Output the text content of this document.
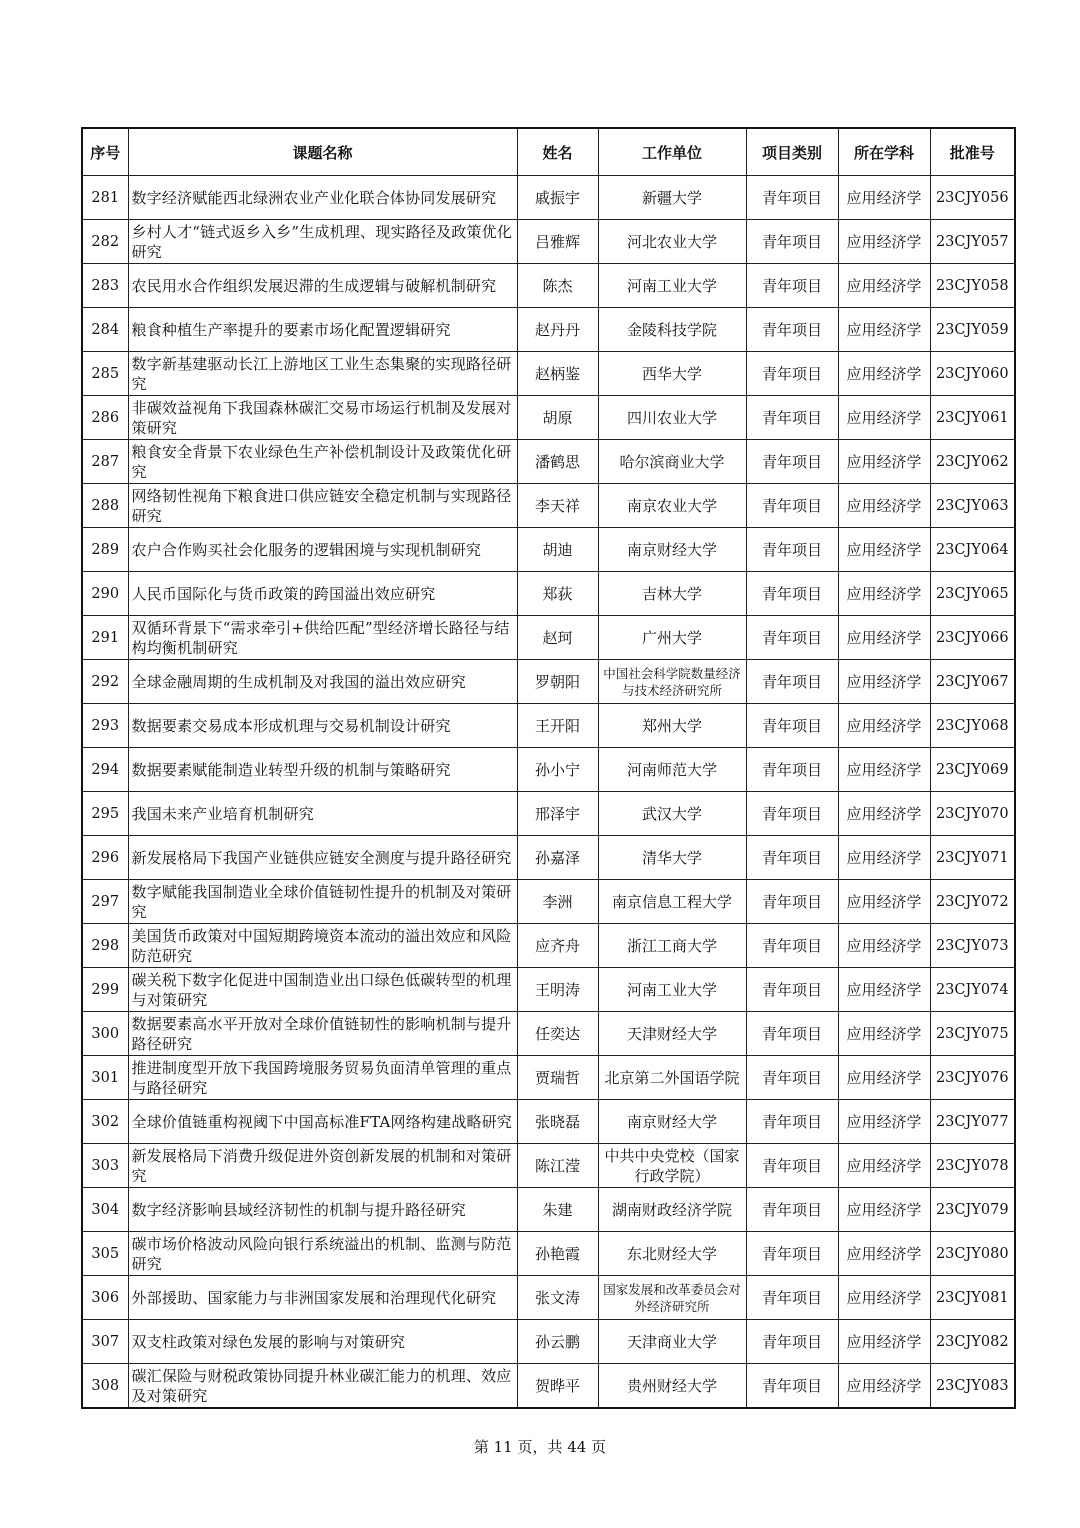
序号	课题名称	姓名	工作单位	项目类别	所在学科	批准号
281	数字经济赋能西北绿洲农业产业化联合体协同发展研究	戚振宇	新疆大学	青年项目	应用经济学	23CJY056
282	乡村人才“链式返乡入乡”生成机理、现实路径及政策优化研究	吕雅辉	河北农业大学	青年项目	应用经济学	23CJY057
283	农民用水合作组织发展迟滞的生成逻辑与破解机制研究	陈杰	河南工业大学	青年项目	应用经济学	23CJY058
284	粮食种植生产率提升的要素市场化配置逻辑研究	赵丹丹	金陵科技学院	青年项目	应用经济学	23CJY059
285	数字新基建驱动长江上游地区工业生态集聚的实现路径研究	赵柄鉴	西华大学	青年项目	应用经济学	23CJY060
286	非碳效益视角下我国森林碳汇交易市场运行机制及发展对策研究	胡原	四川农业大学	青年项目	应用经济学	23CJY061
287	粮食安全背景下农业绿色生产补偿机制设计及政策优化研究	潘鹤思	哈尔滨商业大学	青年项目	应用经济学	23CJY062
288	网络韧性视角下粮食进口供应链安全稳定机制与实现路径研究	李天祥	南京农业大学	青年项目	应用经济学	23CJY063
289	农户合作购买社会化服务的逻辑困境与实现机制研究	胡迪	南京财经大学	青年项目	应用经济学	23CJY064
290	人民币国际化与货币政策的跨国溢出效应研究	郑荻	吉林大学	青年项目	应用经济学	23CJY065
291	双循环背景下“需求牵引+供给匹配”型经济增长路径与结构均衡机制研究	赵珂	广州大学	青年项目	应用经济学	23CJY066
292	全球金融周期的生成机制及对我国的溢出效应研究	罗朝阳	中国社会科学院数量经济与技术经济研究所	青年项目	应用经济学	23CJY067
293	数据要素交易成本形成机理与交易机制设计研究	王开阳	郑州大学	青年项目	应用经济学	23CJY068
294	数据要素赋能制造业转型升级的机制与策略研究	孙小宁	河南师范大学	青年项目	应用经济学	23CJY069
295	我国未来产业培育机制研究	邢泽宇	武汉大学	青年项目	应用经济学	23CJY070
296	新发展格局下我国产业链供应链安全测度与提升路径研究	孙嘉泽	清华大学	青年项目	应用经济学	23CJY071
297	数字赋能我国制造业全球价值链韧性提升的机制及对策研究	李洲	南京信息工程大学	青年项目	应用经济学	23CJY072
298	美国货币政策对中国短期跨境资本流动的溢出效应和风险防范研究	应齐舟	浙江工商大学	青年项目	应用经济学	23CJY073
299	碳关税下数字化促进中国制造业出口绿色低碳转型的机理与对策研究	王明涛	河南工业大学	青年项目	应用经济学	23CJY074
300	数据要素高水平开放对全球价值链韧性的影响机制与提升路径研究	任奕达	天津财经大学	青年项目	应用经济学	23CJY075
301	推进制度型开放下我国跨境服务贸易负面清单管理的重点与路径研究	贾瑞哲	北京第二外国语学院	青年项目	应用经济学	23CJY076
302	全球价值链重构视阈下中国高标准FTA网络构建战略研究	张晓磊	南京财经大学	青年项目	应用经济学	23CJY077
303	新发展格局下消费升级促进外资创新发展的机制和对策研究	陈江滢	中共中央党校（国家行政学院）	青年项目	应用经济学	23CJY078
304	数字经济影响县域经济韧性的机制与提升路径研究	朱建	湖南财政经济学院	青年项目	应用经济学	23CJY079
305	碳市场价格波动风险向银行系统溢出的机制、监测与防范研究	孙艳霞	东北财经大学	青年项目	应用经济学	23CJY080
306	外部援助、国家能力与非洲国家发展和治理现代化研究	张文涛	国家发展和改革委员会对外经济研究所	青年项目	应用经济学	23CJY081
307	双支柱政策对绿色发展的影响与对策研究	孙云鹏	天津商业大学	青年项目	应用经济学	23CJY082
308	碳汇保险与财税政策协同提升林业碳汇能力的机理、效应及对策研究	贺晔平	贵州财经大学	青年项目	应用经济学	23CJY083
第 11 页，共 44 页
